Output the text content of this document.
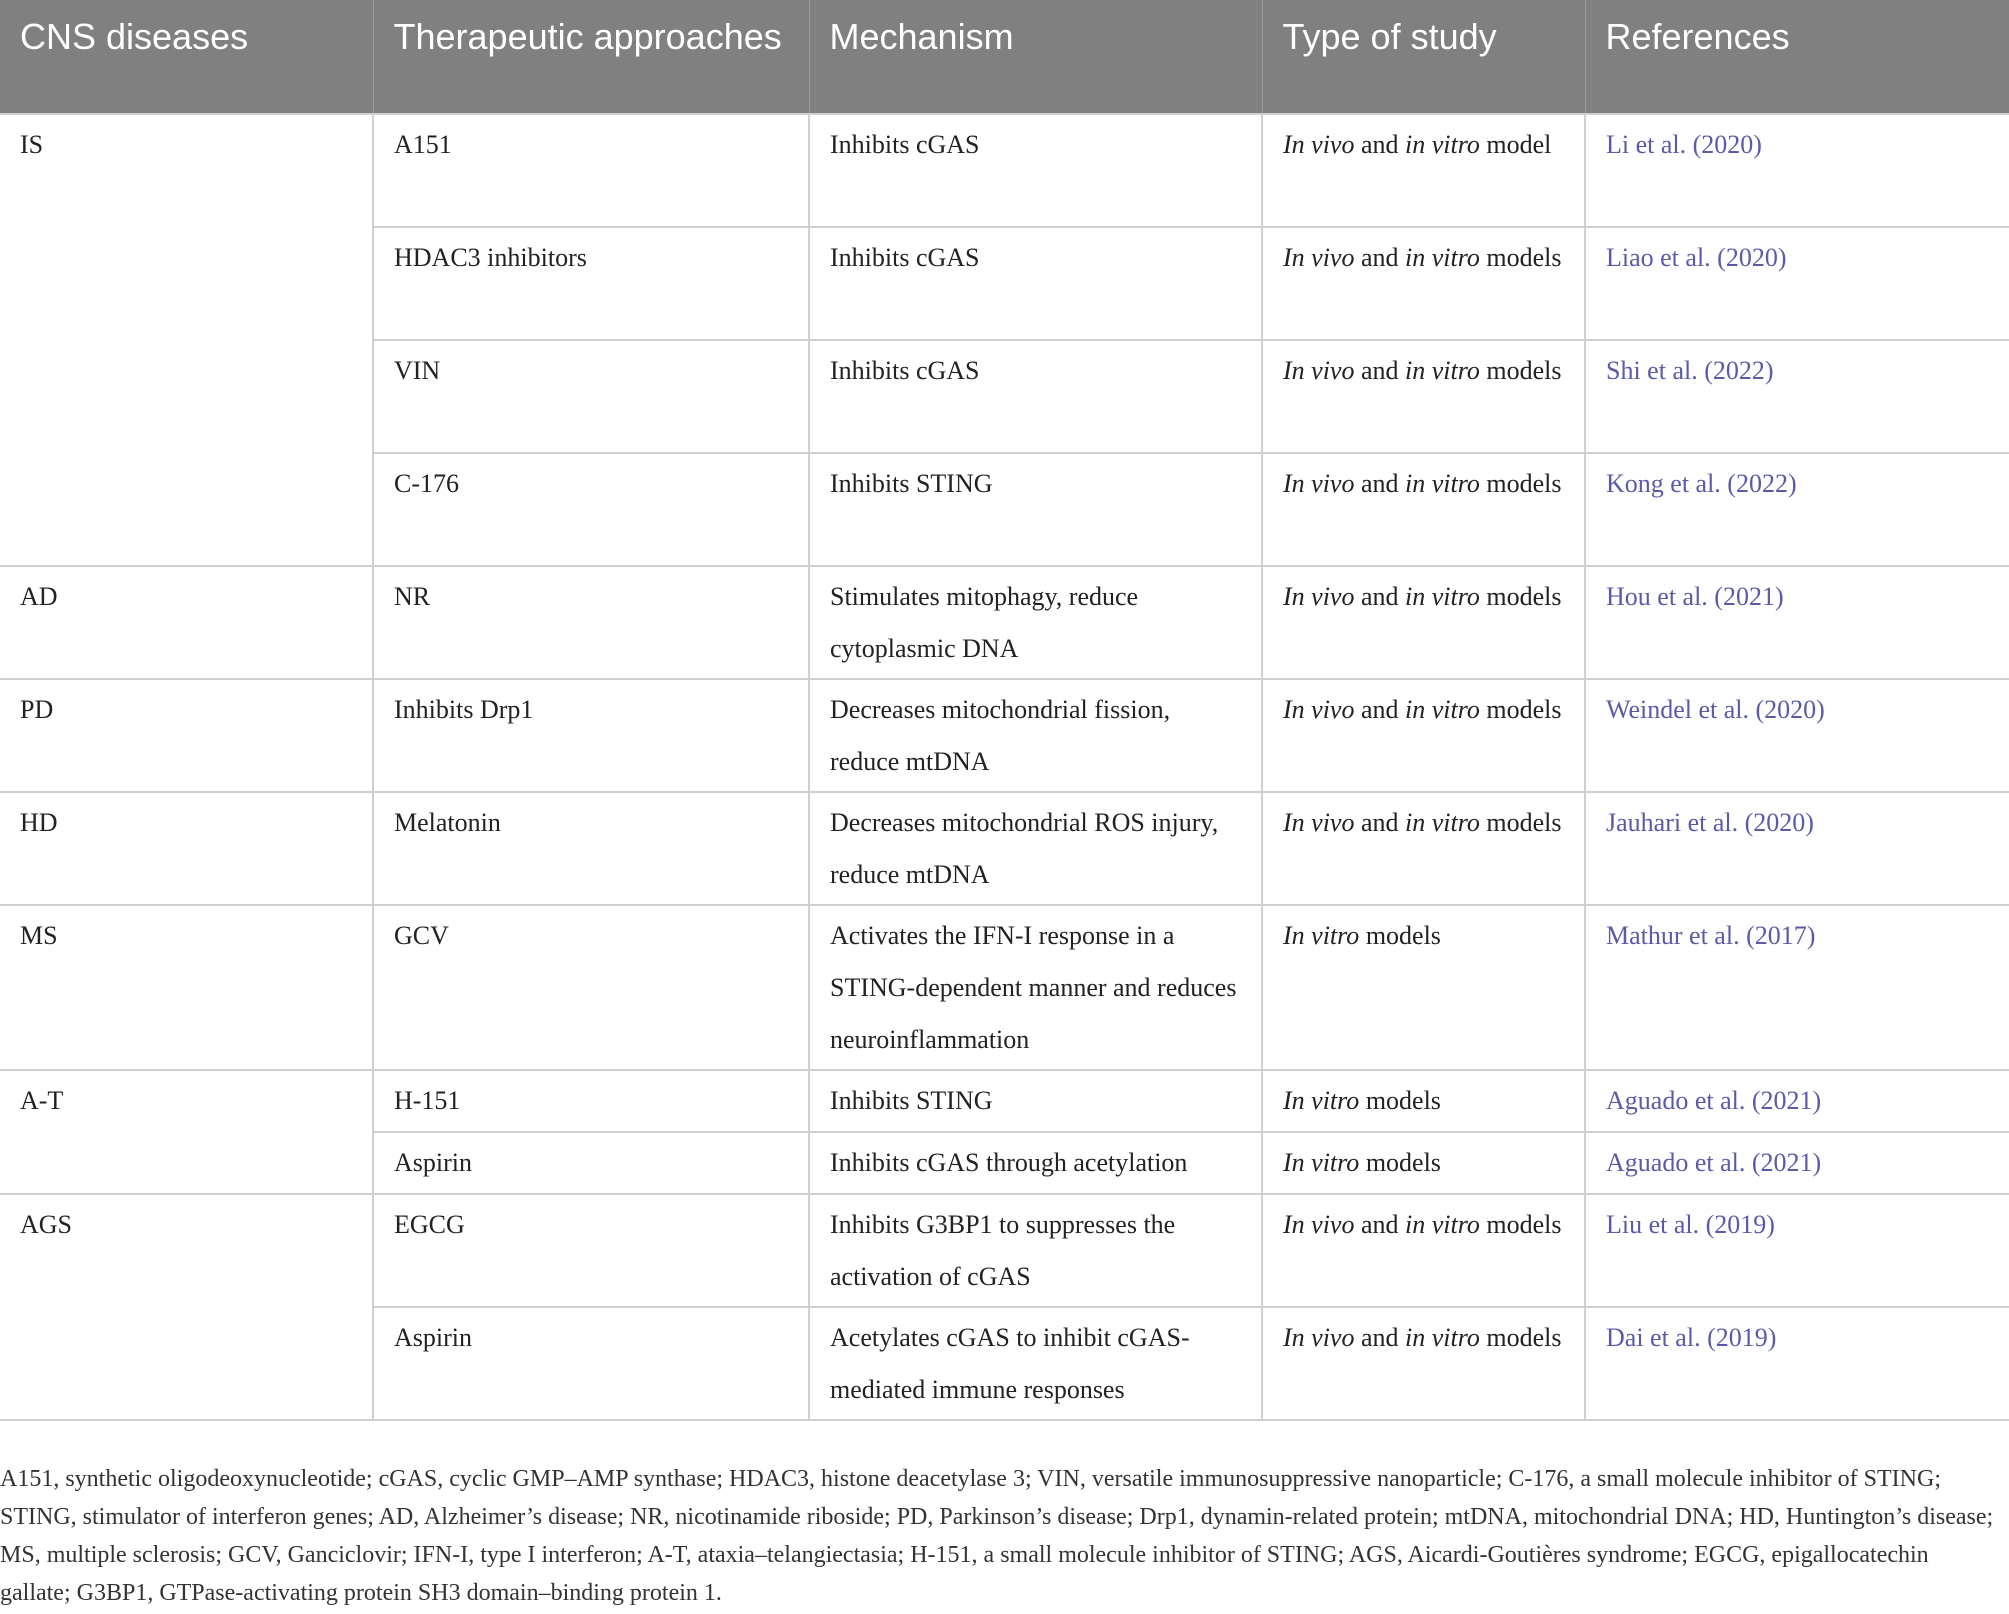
CNS diseases	Therapeutic approaches	Mechanism	Type of study	References
IS	A151	Inhibits cGAS	In vivo and in vitro model	Li et al. (2020)
	HDAC3 inhibitors	Inhibits cGAS	In vivo and in vitro models	Liao et al. (2020)
	VIN	Inhibits cGAS	In vivo and in vitro models	Shi et al. (2022)
	C-176	Inhibits STING	In vivo and in vitro models	Kong et al. (2022)
AD	NR	Stimulates mitophagy, reduce cytoplasmic DNA	In vivo and in vitro models	Hou et al. (2021)
PD	Inhibits Drp1	Decreases mitochondrial fission, reduce mtDNA	In vivo and in vitro models	Weindel et al. (2020)
HD	Melatonin	Decreases mitochondrial ROS injury, reduce mtDNA	In vivo and in vitro models	Jauhari et al. (2020)
MS	GCV	Activates the IFN-I response in a STING-dependent manner and reduces neuroinflammation	In vitro models	Mathur et al. (2017)
A-T	H-151	Inhibits STING	In vitro models	Aguado et al. (2021)
	Aspirin	Inhibits cGAS through acetylation	In vitro models	Aguado et al. (2021)
AGS	EGCG	Inhibits G3BP1 to suppresses the activation of cGAS	In vivo and in vitro models	Liu et al. (2019)
	Aspirin	Acetylates cGAS to inhibit cGAS-mediated immune responses	In vivo and in vitro models	Dai et al. (2019)
A151, synthetic oligodeoxynucleotide; cGAS, cyclic GMP–AMP synthase; HDAC3, histone deacetylase 3; VIN, versatile immunosuppressive nanoparticle; C-176, a small molecule inhibitor of STING; STING, stimulator of interferon genes; AD, Alzheimer’s disease; NR, nicotinamide riboside; PD, Parkinson’s disease; Drp1, dynamin-related protein; mtDNA, mitochondrial DNA; HD, Huntington’s disease; MS, multiple sclerosis; GCV, Ganciclovir; IFN-I, type I interferon; A-T, ataxia–telangiectasia; H-151, a small molecule inhibitor of STING; AGS, Aicardi-Goutières syndrome; EGCG, epigallocatechin gallate; G3BP1, GTPase-activating protein SH3 domain–binding protein 1.
